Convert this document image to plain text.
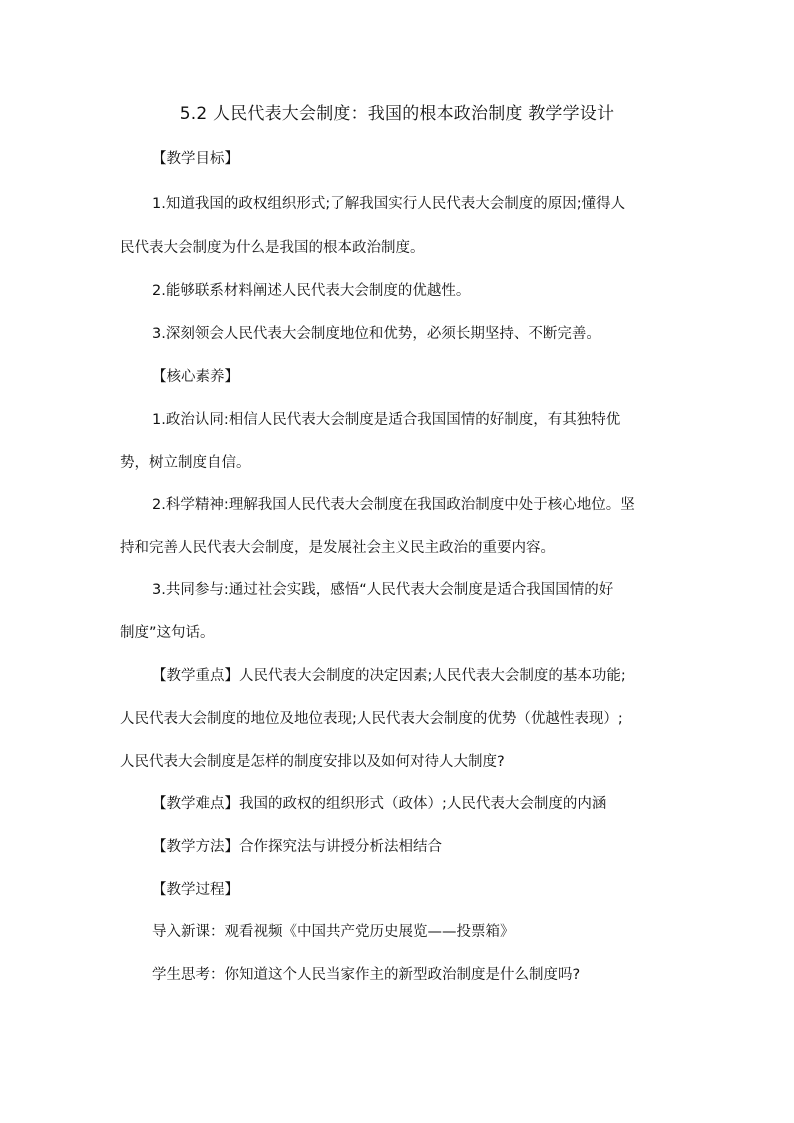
5.2 人民代表大会制度：我国的根本政治制度 教学学设计

【教学目标】

1.知道我国的政权组织形式;了解我国实行人民代表大会制度的原因;懂得人

民代表大会制度为什么是我国的根本政治制度。

2.能够联系材料阐述人民代表大会制度的优越性。

3.深刻领会人民代表大会制度地位和优势，必须长期坚持、不断完善。

【核心素养】

1.政治认同:相信人民代表大会制度是适合我国国情的好制度，有其独特优

势，树立制度自信。

2.科学精神:理解我国人民代表大会制度在我国政治制度中处于核心地位。坚

持和完善人民代表大会制度，是发展社会主义民主政治的重要内容。

3.共同参与:通过社会实践，感悟“人民代表大会制度是适合我国国情的好

制度”这句话。

【教学重点】人民代表大会制度的决定因素;人民代表大会制度的基本功能;

人民代表大会制度的地位及地位表现;人民代表大会制度的优势（优越性表现）;

人民代表大会制度是怎样的制度安排以及如何对待人大制度?

【教学难点】我国的政权的组织形式（政体）;人民代表大会制度的内涵

【教学方法】合作探究法与讲授分析法相结合

【教学过程】

导入新课：观看视频《中国共产党历史展览——投票箱》

学生思考：你知道这个人民当家作主的新型政治制度是什么制度吗?
